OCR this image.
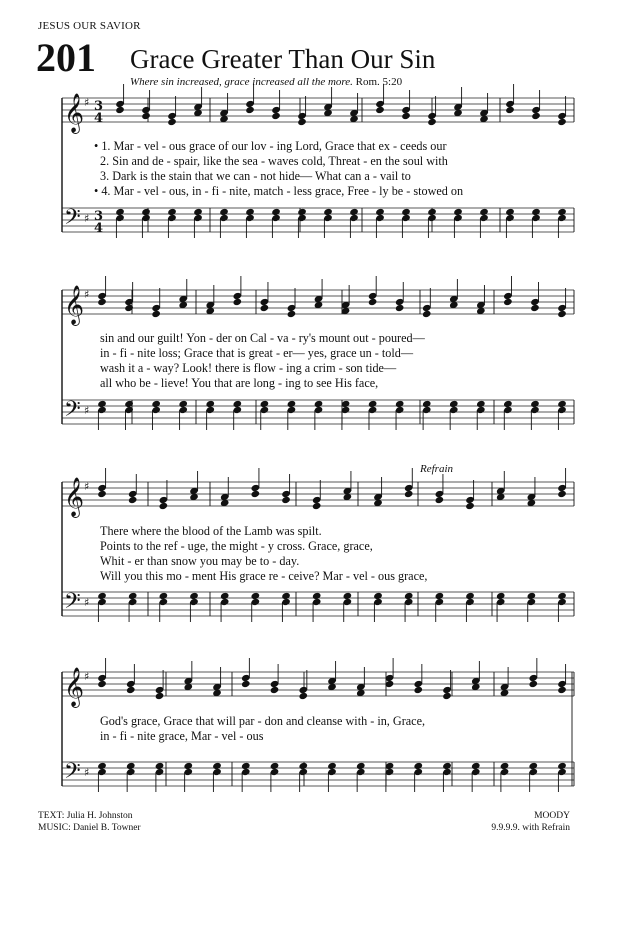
JESUS OUR SAVIOR
201 Grace Greater Than Our Sin
Where sin increased, grace increased all the more. Rom. 5:20
𝄞 ♯ 3
4
𝄢 ♯ 3
4
𝄞 ♯
𝄢 ♯
𝄞 ♯
𝄢 ♯
𝄞 ♯
𝄢 ♯
• 1. Mar - vel - ous grace of our lov - ing Lord, Grace that ex - ceeds our
2. Sin and de - spair, like the sea - waves cold, Threat - en the soul with
3. Dark is the stain that we can - not hide— What can a - vail to
• 4. Mar - vel - ous, in - fi - nite, match - less grace, Free - ly be - stowed on
sin and our guilt! Yon - der on Cal - va - ry's mount out - poured—
in - fi - nite loss; Grace that is great - er— yes, grace un - told—
wash it a - way? Look! there is flow - ing a crim - son tide—
all who be - lieve! You that are long - ing to see His face,
Refrain
There where the blood of the Lamb was spilt.
Points to the ref - uge, the might - y cross. Grace, grace,
Whit - er than snow you may be to - day.
Will you this mo - ment His grace re - ceive? Mar - vel - ous grace,
God's grace, Grace that will par - don and cleanse with - in, Grace,
in - fi - nite grace, Mar - vel - ous
TEXT: Julia H. Johnston
MUSIC: Daniel B. Towner
MOODY
9.9.9.9. with Refrain
